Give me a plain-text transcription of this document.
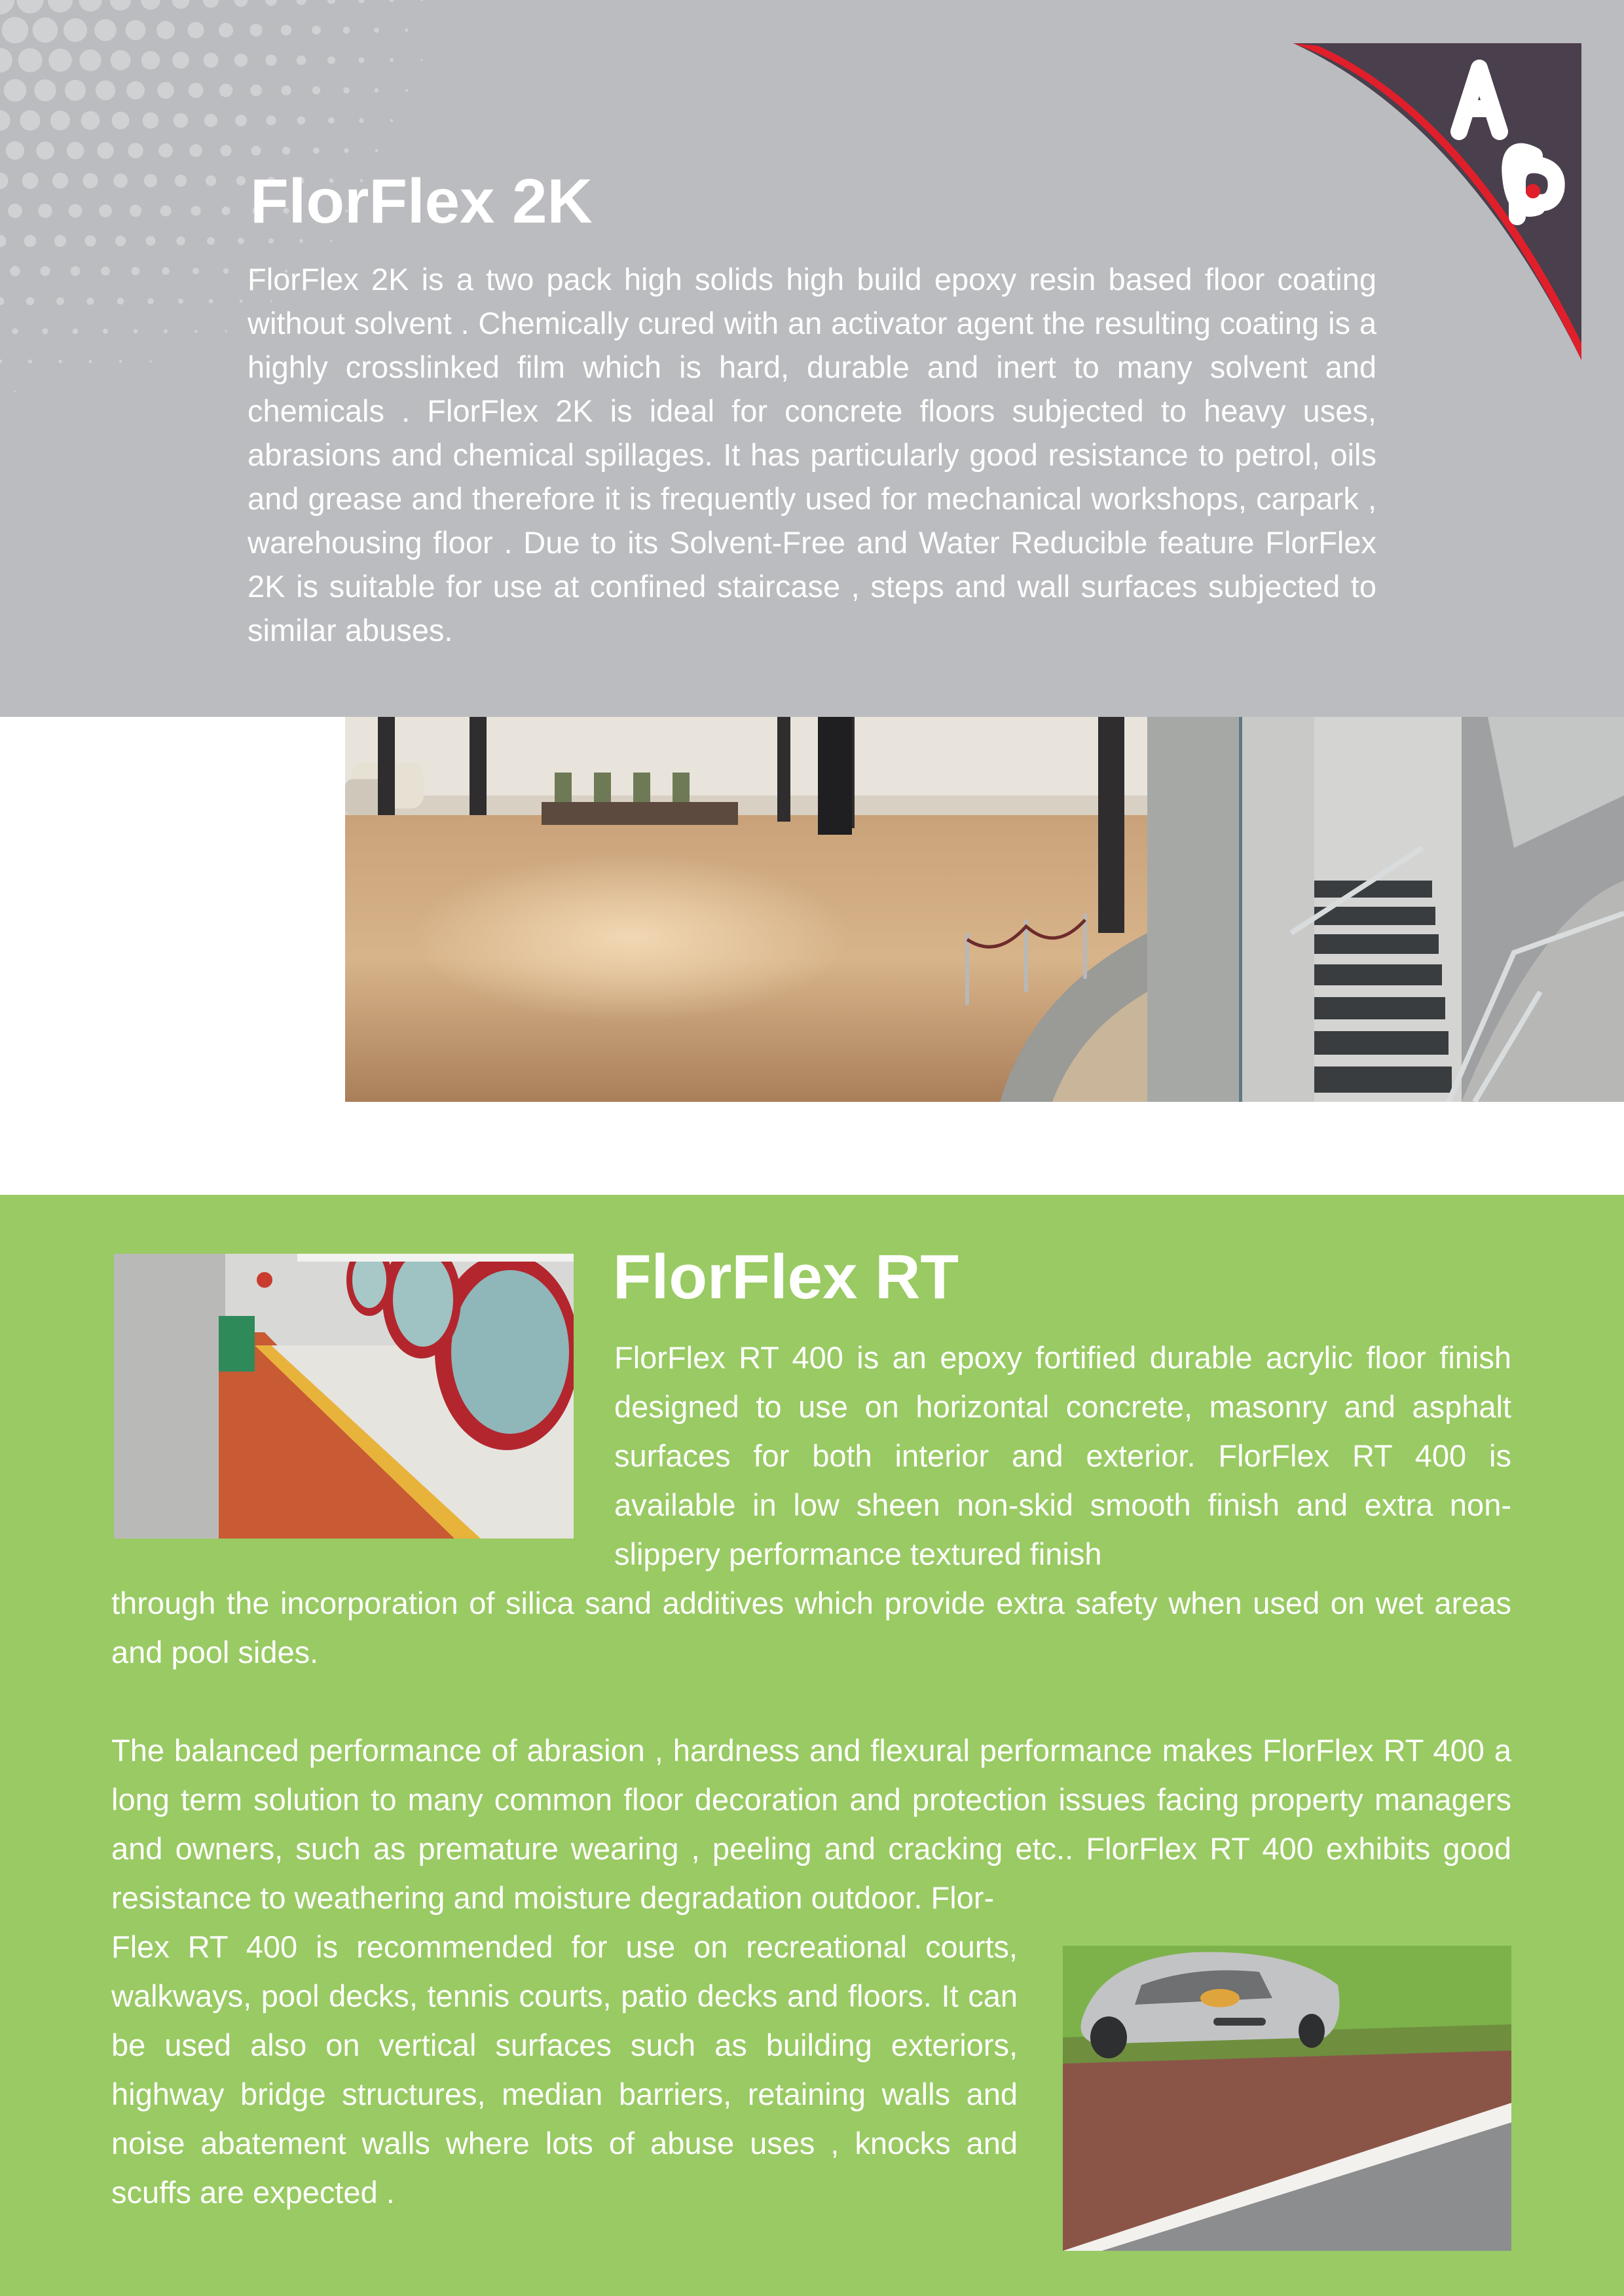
FlorFlex 2K

FlorFlex 2K is a two pack high solids high build epoxy resin based floor coating without solvent . Chemically cured with an activator agent the resulting coating is a highly crosslinked film which is hard, durable and inert to many solvent and chemicals . FlorFlex 2K is ideal for concrete floors subjected to heavy uses, abrasions and chemical spillages. It has particularly good resistance to petrol, oils and grease and therefore it is frequently used for mechanical workshops, carpark , warehousing floor . Due to its Solvent-Free and Water Reducible feature FlorFlex 2K is suitable for use at confined staircase , steps and wall surfaces subjected to similar abuses.

FlorFlex RT

FlorFlex RT 400 is an epoxy fortified durable acrylic floor finish designed to use on horizontal concrete, masonry and asphalt surfaces for both interior and exterior. FlorFlex RT 400 is available in low sheen non-skid smooth finish and extra non-slippery performance textured finish

through the incorporation of silica sand additives which provide extra safety when used on wet areas and pool sides.

The balanced performance of abrasion , hardness and flexural performance makes FlorFlex RT 400 a long term solution to many common floor decoration and protection issues facing property managers and owners, such as premature wearing , peeling and cracking etc.. FlorFlex RT 400 exhibits good resistance to weathering and moisture degradation outdoor. Flor-

Flex RT 400 is recommended for use on recreational courts, walkways, pool decks, tennis courts, patio decks and floors. It can be used also on vertical surfaces such as building exteriors, highway bridge structures, median barriers, retaining walls and noise abatement walls where lots of abuse uses , knocks and scuffs are expected .
